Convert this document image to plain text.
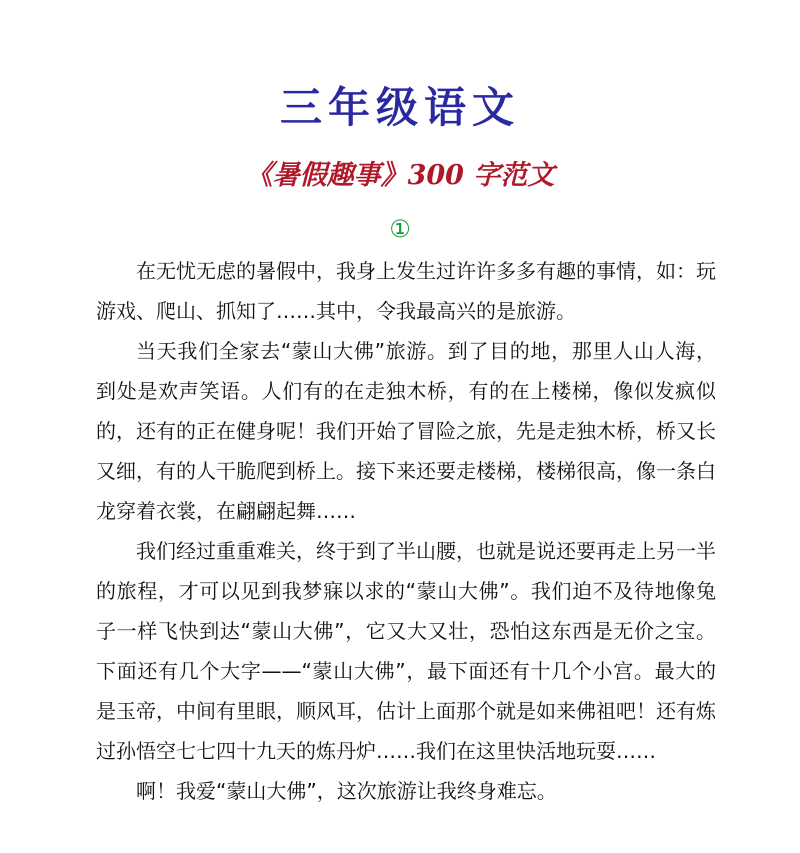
三年级语文
《暑假趣事》300 字范文
①

在无忧无虑的暑假中，我身上发生过许许多多有趣的事情，如：玩游戏、爬山、抓知了……其中，令我最高兴的是旅游。

当天我们全家去“蒙山大佛”旅游。到了目的地，那里人山人海，到处是欢声笑语。人们有的在走独木桥，有的在上楼梯，像似发疯似的，还有的正在健身呢！我们开始了冒险之旅，先是走独木桥，桥又长又细，有的人干脆爬到桥上。接下来还要走楼梯，楼梯很高，像一条白龙穿着衣裳，在翩翩起舞……

我们经过重重难关，终于到了半山腰，也就是说还要再走上另一半的旅程，才可以见到我梦寐以求的“蒙山大佛”。我们迫不及待地像兔子一样飞快到达“蒙山大佛”，它又大又壮，恐怕这东西是无价之宝。下面还有几个大字——“蒙山大佛”，最下面还有十几个小宫。最大的是玉帝，中间有里眼，顺风耳，估计上面那个就是如来佛祖吧！还有炼过孙悟空七七四十九天的炼丹炉……我们在这里快活地玩耍……

啊！我爱“蒙山大佛”，这次旅游让我终身难忘。
